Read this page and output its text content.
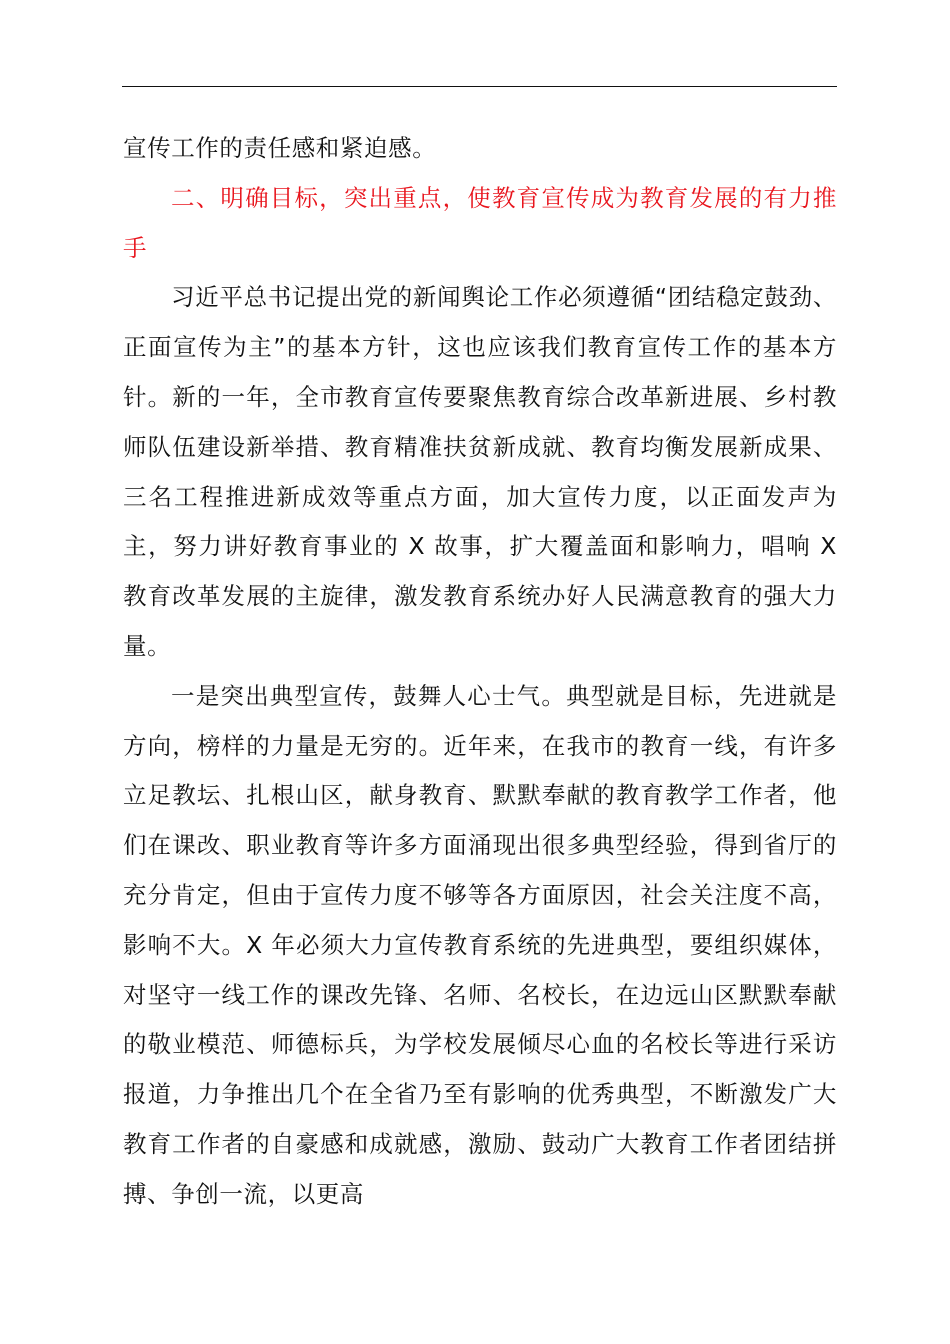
宣传工作的责任感和紧迫感。

二、明确目标，突出重点，使教育宣传成为教育发展的有力推手

习近平总书记提出党的新闻舆论工作必须遵循“团结稳定鼓劲、正面宣传为主”的基本方针，这也应该我们教育宣传工作的基本方针。新的一年，全市教育宣传要聚焦教育综合改革新进展、乡村教师队伍建设新举措、教育精准扶贫新成就、教育均衡发展新成果、三名工程推进新成效等重点方面，加大宣传力度，以正面发声为主，努力讲好教育事业的 X 故事，扩大覆盖面和影响力，唱响 X 教育改革发展的主旋律，激发教育系统办好人民满意教育的强大力量。

一是突出典型宣传，鼓舞人心士气。典型就是目标，先进就是方向，榜样的力量是无穷的。近年来，在我市的教育一线，有许多立足教坛、扎根山区，献身教育、默默奉献的教育教学工作者，他们在课改、职业教育等许多方面涌现出很多典型经验，得到省厅的充分肯定，但由于宣传力度不够等各方面原因，社会关注度不高，影响不大。X 年必须大力宣传教育系统的先进典型，要组织媒体，对坚守一线工作的课改先锋、名师、名校长，在边远山区默默奉献的敬业模范、师德标兵，为学校发展倾尽心血的名校长等进行采访报道，力争推出几个在全省乃至有影响的优秀典型，不断激发广大教育工作者的自豪感和成就感，激励、鼓动广大教育工作者团结拼搏、争创一流，以更高
